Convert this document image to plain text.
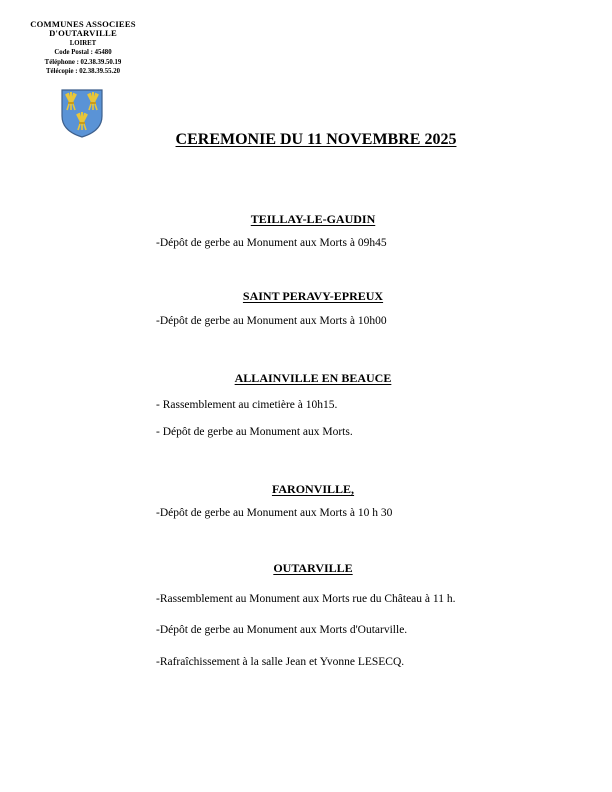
COMMUNES ASSOCIEES
D'OUTARVILLE
LOIRET
Code Postal : 45480
Téléphone : 02.38.39.50.19
Télécopie : 02.38.39.55.20
CEREMONIE DU 11 NOVEMBRE 2025
TEILLAY-LE-GAUDIN
-Dépôt de gerbe au Monument aux Morts à 09h45
SAINT PERAVY-EPREUX
-Dépôt de gerbe au Monument aux Morts à 10h00
ALLAINVILLE EN BEAUCE
- Rassemblement au cimetière à 10h15.
- Dépôt de gerbe au Monument aux Morts.
FARONVILLE,
-Dépôt de gerbe au Monument aux Morts à 10 h 30
OUTARVILLE
-Rassemblement au Monument aux Morts rue du Château à 11 h.
-Dépôt de gerbe au Monument aux Morts d'Outarville.
-Rafraîchissement à la salle Jean et Yvonne LESECQ.
